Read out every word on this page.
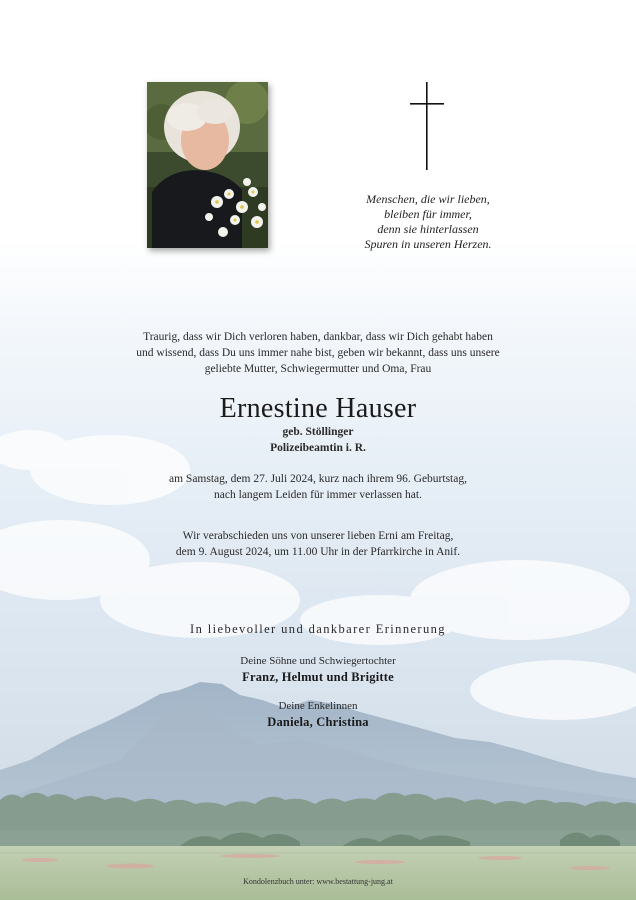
Menschen, die wir lieben,
bleiben für immer,
denn sie hinterlassen
Spuren in unseren Herzen.
Traurig, dass wir Dich verloren haben, dankbar, dass wir Dich gehabt haben
und wissend, dass Du uns immer nahe bist, geben wir bekannt, dass uns unsere
geliebte Mutter, Schwiegermutter und Oma, Frau
Ernestine Hauser
geb. Stöllinger
Polizeibeamtin i. R.
am Samstag, dem 27. Juli 2024, kurz nach ihrem 96. Geburtstag,
nach langem Leiden für immer verlassen hat.
Wir verabschieden uns von unserer lieben Erni am Freitag,
dem 9. August 2024, um 11.00 Uhr in der Pfarrkirche in Anif.
In liebevoller und dankbarer Erinnerung
Deine Söhne und Schwiegertochter
Franz, Helmut und Brigitte
Deine Enkelinnen
Daniela, Christina
Kondolenzbuch unter: www.bestattung-jung.at
